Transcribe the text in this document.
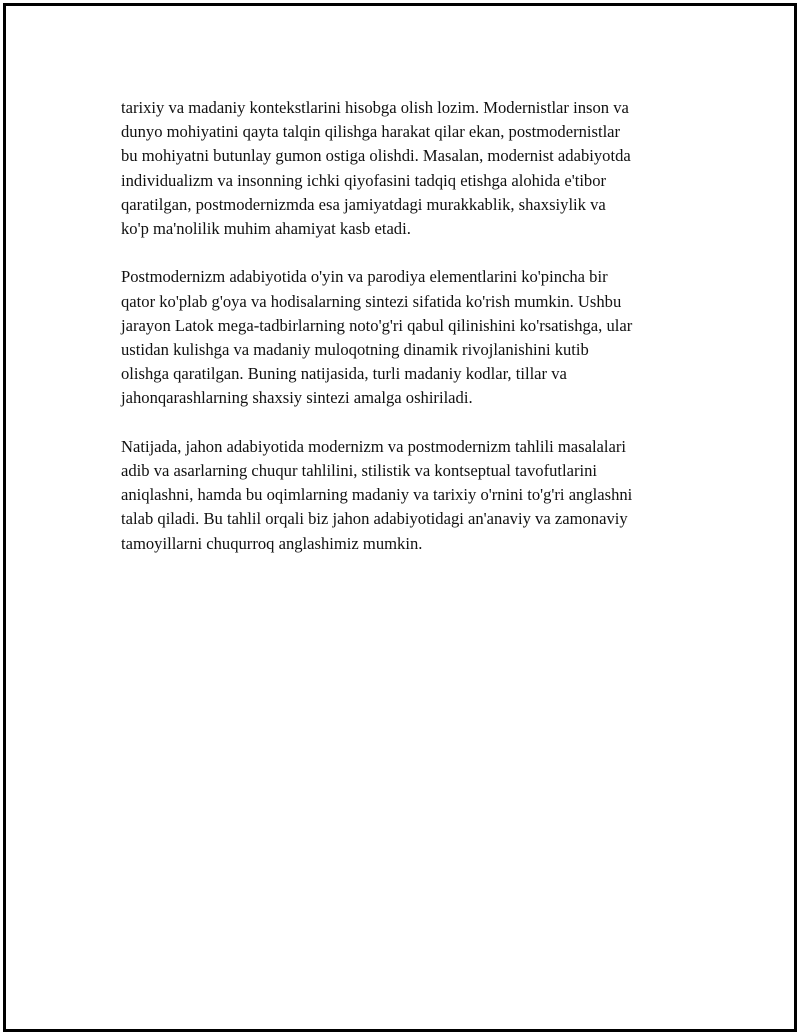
tarixiy va madaniy kontekstlarini hisobga olish lozim. Modernistlar inson va
dunyo mohiyatini qayta talqin qilishga harakat qilar ekan, postmodernistlar
bu mohiyatni butunlay gumon ostiga olishdi. Masalan, modernist adabiyotda
individualizm va insonning ichki qiyofasini tadqiq etishga alohida e'tibor
qaratilgan, postmodernizmda esa jamiyatdagi murakkablik, shaxsiylik va
ko'p ma'nolilik muhim ahamiyat kasb etadi.

Postmodernizm adabiyotida o'yin va parodiya elementlarini ko'pincha bir
qator ko'plab g'oya va hodisalarning sintezi sifatida ko'rish mumkin. Ushbu
jarayon Latok mega-tadbirlarning noto'g'ri qabul qilinishini ko'rsatishga, ular
ustidan kulishga va madaniy muloqotning dinamik rivojlanishini kutib
olishga qaratilgan. Buning natijasida, turli madaniy kodlar, tillar va
jahonqarashlarning shaxsiy sintezi amalga oshiriladi.

Natijada, jahon adabiyotida modernizm va postmodernizm tahlili masalalari
adib va asarlarning chuqur tahlilini, stilistik va kontseptual tavofutlarini
aniqlashni, hamda bu oqimlarning madaniy va tarixiy o'rnini to'g'ri anglashni
talab qiladi. Bu tahlil orqali biz jahon adabiyotidagi an'anaviy va zamonaviy
tamoyillarni chuqurroq anglashimiz mumkin.
